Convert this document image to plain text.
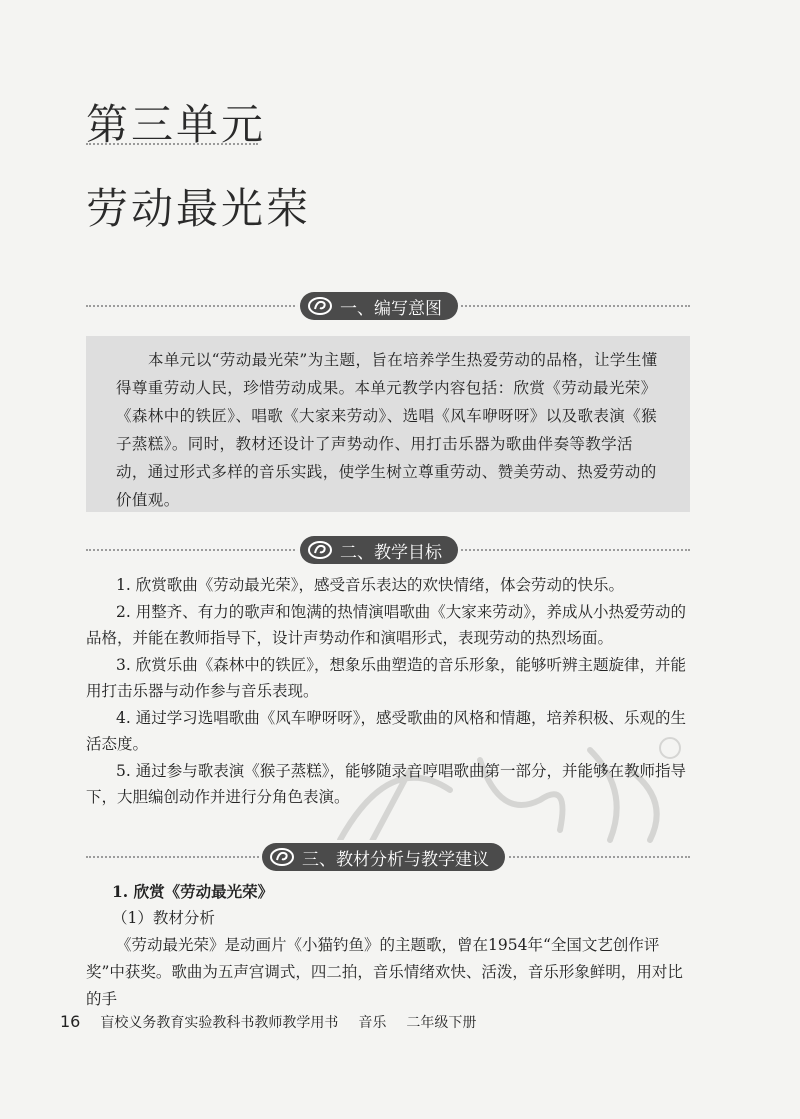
第三单元
劳动最光荣
一、编写意图
本单元以“劳动最光荣”为主题，旨在培养学生热爱劳动的品格，让学生懂得尊重劳动人民，珍惜劳动成果。本单元教学内容包括：欣赏《劳动最光荣》《森林中的铁匠》、唱歌《大家来劳动》、选唱《风车咿呀呀》以及歌表演《猴子蒸糕》。同时，教材还设计了声势动作、用打击乐器为歌曲伴奏等教学活动，通过形式多样的音乐实践，使学生树立尊重劳动、赞美劳动、热爱劳动的价值观。
二、教学目标

1. 欣赏歌曲《劳动最光荣》，感受音乐表达的欢快情绪，体会劳动的快乐。

2. 用整齐、有力的歌声和饱满的热情演唱歌曲《大家来劳动》，养成从小热爱劳动的品格，并能在教师指导下，设计声势动作和演唱形式，表现劳动的热烈场面。

3. 欣赏乐曲《森林中的铁匠》，想象乐曲塑造的音乐形象，能够听辨主题旋律，并能用打击乐器与动作参与音乐表现。

4. 通过学习选唱歌曲《风车咿呀呀》，感受歌曲的风格和情趣，培养积极、乐观的生活态度。

5. 通过参与歌表演《猴子蒸糕》，能够随录音哼唱歌曲第一部分，并能够在教师指导下，大胆编创动作并进行分角色表演。

三、教材分析与教学建议

1. 欣赏《劳动最光荣》

（1）教材分析

《劳动最光荣》是动画片《小猫钓鱼》的主题歌，曾在1954年“全国文艺创作评奖”中获奖。歌曲为五声宫调式，四二拍，音乐情绪欢快、活泼，音乐形象鲜明，用对比的手

16 盲校义务教育实验教科书教师教学用书 音乐 二年级下册
